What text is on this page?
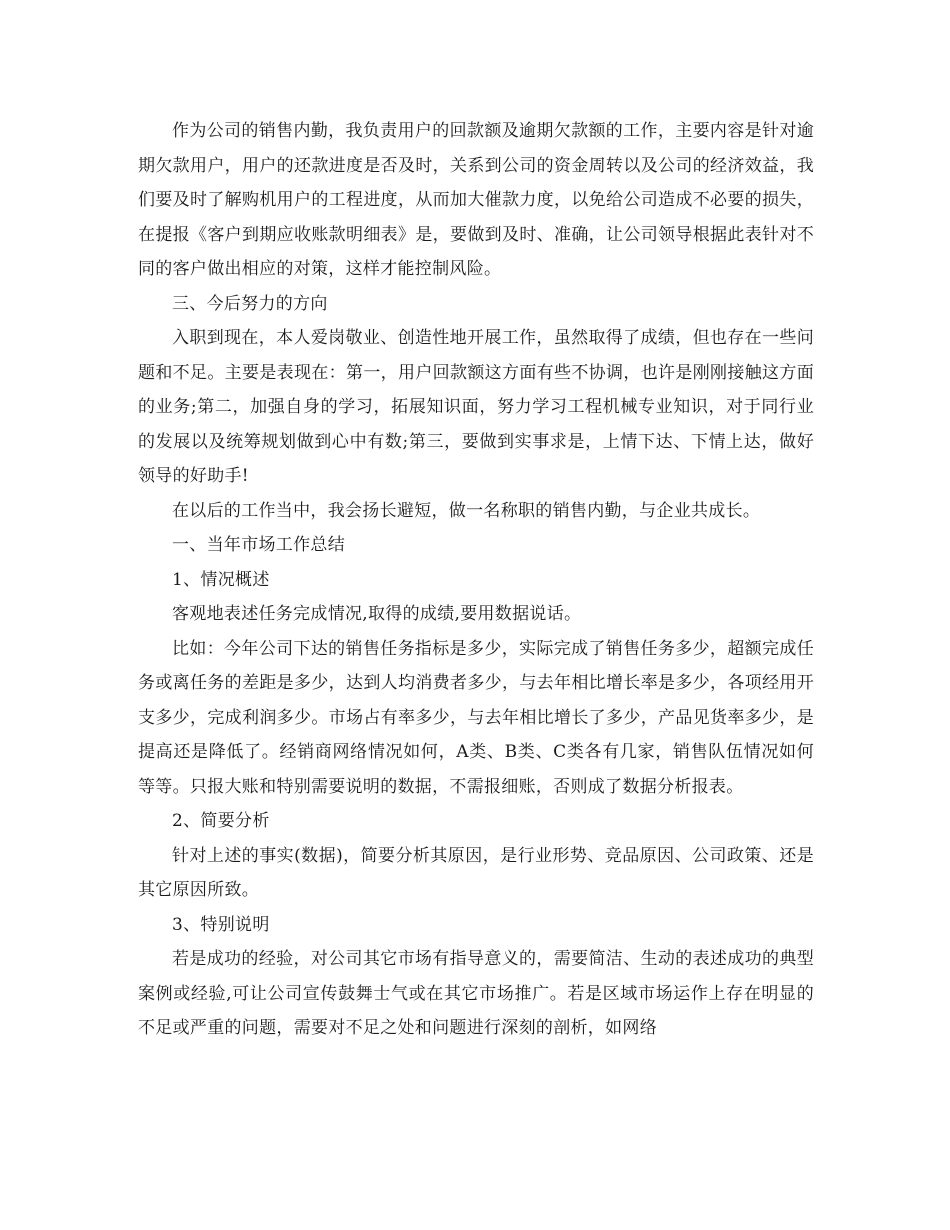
作为公司的销售内勤，我负责用户的回款额及逾期欠款额的工作，主要内容是针对逾期欠款用户，用户的还款进度是否及时，关系到公司的资金周转以及公司的经济效益，我们要及时了解购机用户的工程进度，从而加大催款力度，以免给公司造成不必要的损失，在提报《客户到期应收账款明细表》是，要做到及时、准确，让公司领导根据此表针对不同的客户做出相应的对策，这样才能控制风险。

三、今后努力的方向

入职到现在，本人爱岗敬业、创造性地开展工作，虽然取得了成绩，但也存在一些问题和不足。主要是表现在：第一，用户回款额这方面有些不协调，也许是刚刚接触这方面的业务;第二，加强自身的学习，拓展知识面，努力学习工程机械专业知识，对于同行业的发展以及统筹规划做到心中有数;第三，要做到实事求是，上情下达、下情上达，做好领导的好助手!

在以后的工作当中，我会扬长避短，做一名称职的销售内勤，与企业共成长。

一、当年市场工作总结

1、情况概述

客观地表述任务完成情况,取得的成绩,要用数据说话。

比如：今年公司下达的销售任务指标是多少，实际完成了销售任务多少，超额完成任务或离任务的差距是多少，达到人均消费者多少，与去年相比增长率是多少，各项经用开支多少，完成利润多少。市场占有率多少，与去年相比增长了多少，产品见货率多少，是提高还是降低了。经销商网络情况如何，A类、B类、C类各有几家，销售队伍情况如何等等。只报大账和特别需要说明的数据，不需报细账，否则成了数据分析报表。

2、简要分析

针对上述的事实(数据)，简要分析其原因，是行业形势、竞品原因、公司政策、还是其它原因所致。

3、特别说明

若是成功的经验，对公司其它市场有指导意义的，需要简洁、生动的表述成功的典型案例或经验,可让公司宣传鼓舞士气或在其它市场推广。若是区域市场运作上存在明显的不足或严重的问题，需要对不足之处和问题进行深刻的剖析，如网络
